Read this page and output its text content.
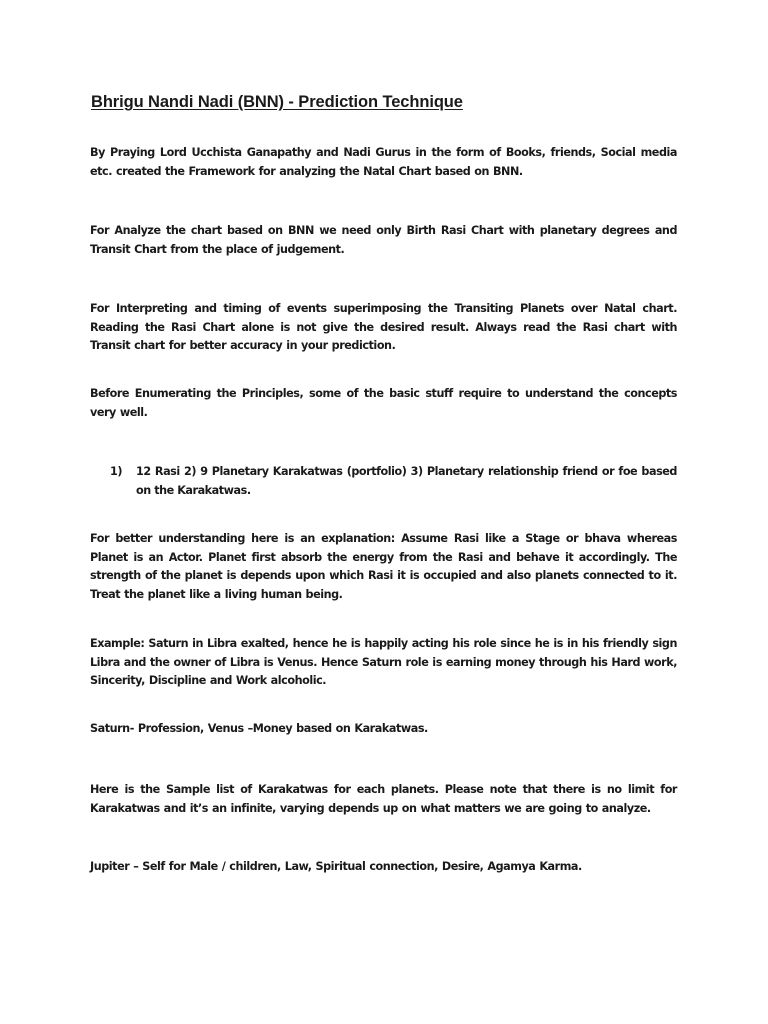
Bhrigu Nandi Nadi (BNN) - Prediction Technique

By Praying Lord Ucchista Ganapathy and Nadi Gurus in the form of Books, friends, Social media etc. created the Framework for analyzing the Natal Chart based on BNN.

For Analyze the chart based on BNN we need only Birth Rasi Chart with planetary degrees and Transit Chart from the place of judgement.

For Interpreting and timing of events superimposing the Transiting Planets over Natal chart. Reading the Rasi Chart alone is not give the desired result. Always read the Rasi chart with Transit chart for better accuracy in your prediction.

Before Enumerating the Principles, some of the basic stuff require to understand the concepts very well.

1) 12 Rasi 2) 9 Planetary Karakatwas (portfolio) 3) Planetary relationship friend or foe based on the Karakatwas.

For better understanding here is an explanation: Assume Rasi like a Stage or bhava whereas Planet is an Actor. Planet first absorb the energy from the Rasi and behave it accordingly. The strength of the planet is depends upon which Rasi it is occupied and also planets connected to it. Treat the planet like a living human being.

Example: Saturn in Libra exalted, hence he is happily acting his role since he is in his friendly sign Libra and the owner of Libra is Venus. Hence Saturn role is earning money through his Hard work, Sincerity, Discipline and Work alcoholic.

Saturn- Profession, Venus –Money based on Karakatwas.

Here is the Sample list of Karakatwas for each planets. Please note that there is no limit for Karakatwas and it’s an infinite, varying depends up on what matters we are going to analyze.

Jupiter – Self for Male / children, Law, Spiritual connection, Desire, Agamya Karma.
